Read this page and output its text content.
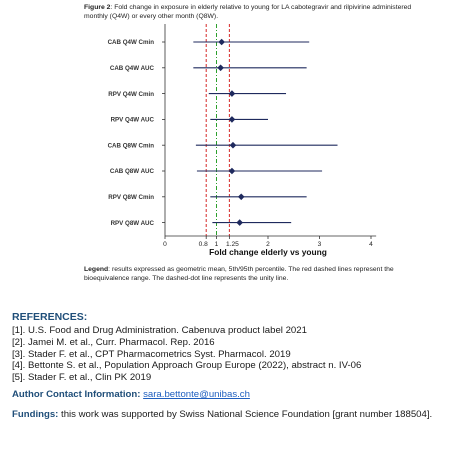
Figure 2: Fold change in exposure in elderly relative to young for LA cabotegravir and rilpivirine administered monthly (Q4W) or every other month (Q8W).
CAB Q4W Cmin
CAB Q4W AUC
RPV Q4W Cmin
RPV Q4W AUC
CAB Q8W Cmin
CAB Q8W AUC
RPV Q8W Cmin
RPV Q8W AUC
0	0.8 1 1.25	2	3	4
Fold change elderly vs young
Legend: results expressed as geometric mean, 5th/95th percentile. The red dashed lines represent the bioequivalence range. The dashed-dot line represents the unity line.
REFERENCES:
[1]. U.S. Food and Drug Administration. Cabenuva product label 2021
[2]. Jamei M. et al., Curr. Pharmacol. Rep. 2016
[3]. Stader F. et al., CPT Pharmacometrics Syst. Pharmacol. 2019
[4]. Bettonte S. et al., Population Approach Group Europe (2022), abstract n. IV-06
[5]. Stader F. et al., Clin PK 2019
Author Contact Information: sara.bettonte@unibas.ch
Fundings: this work was supported by Swiss National Science Foundation [grant number 188504].
